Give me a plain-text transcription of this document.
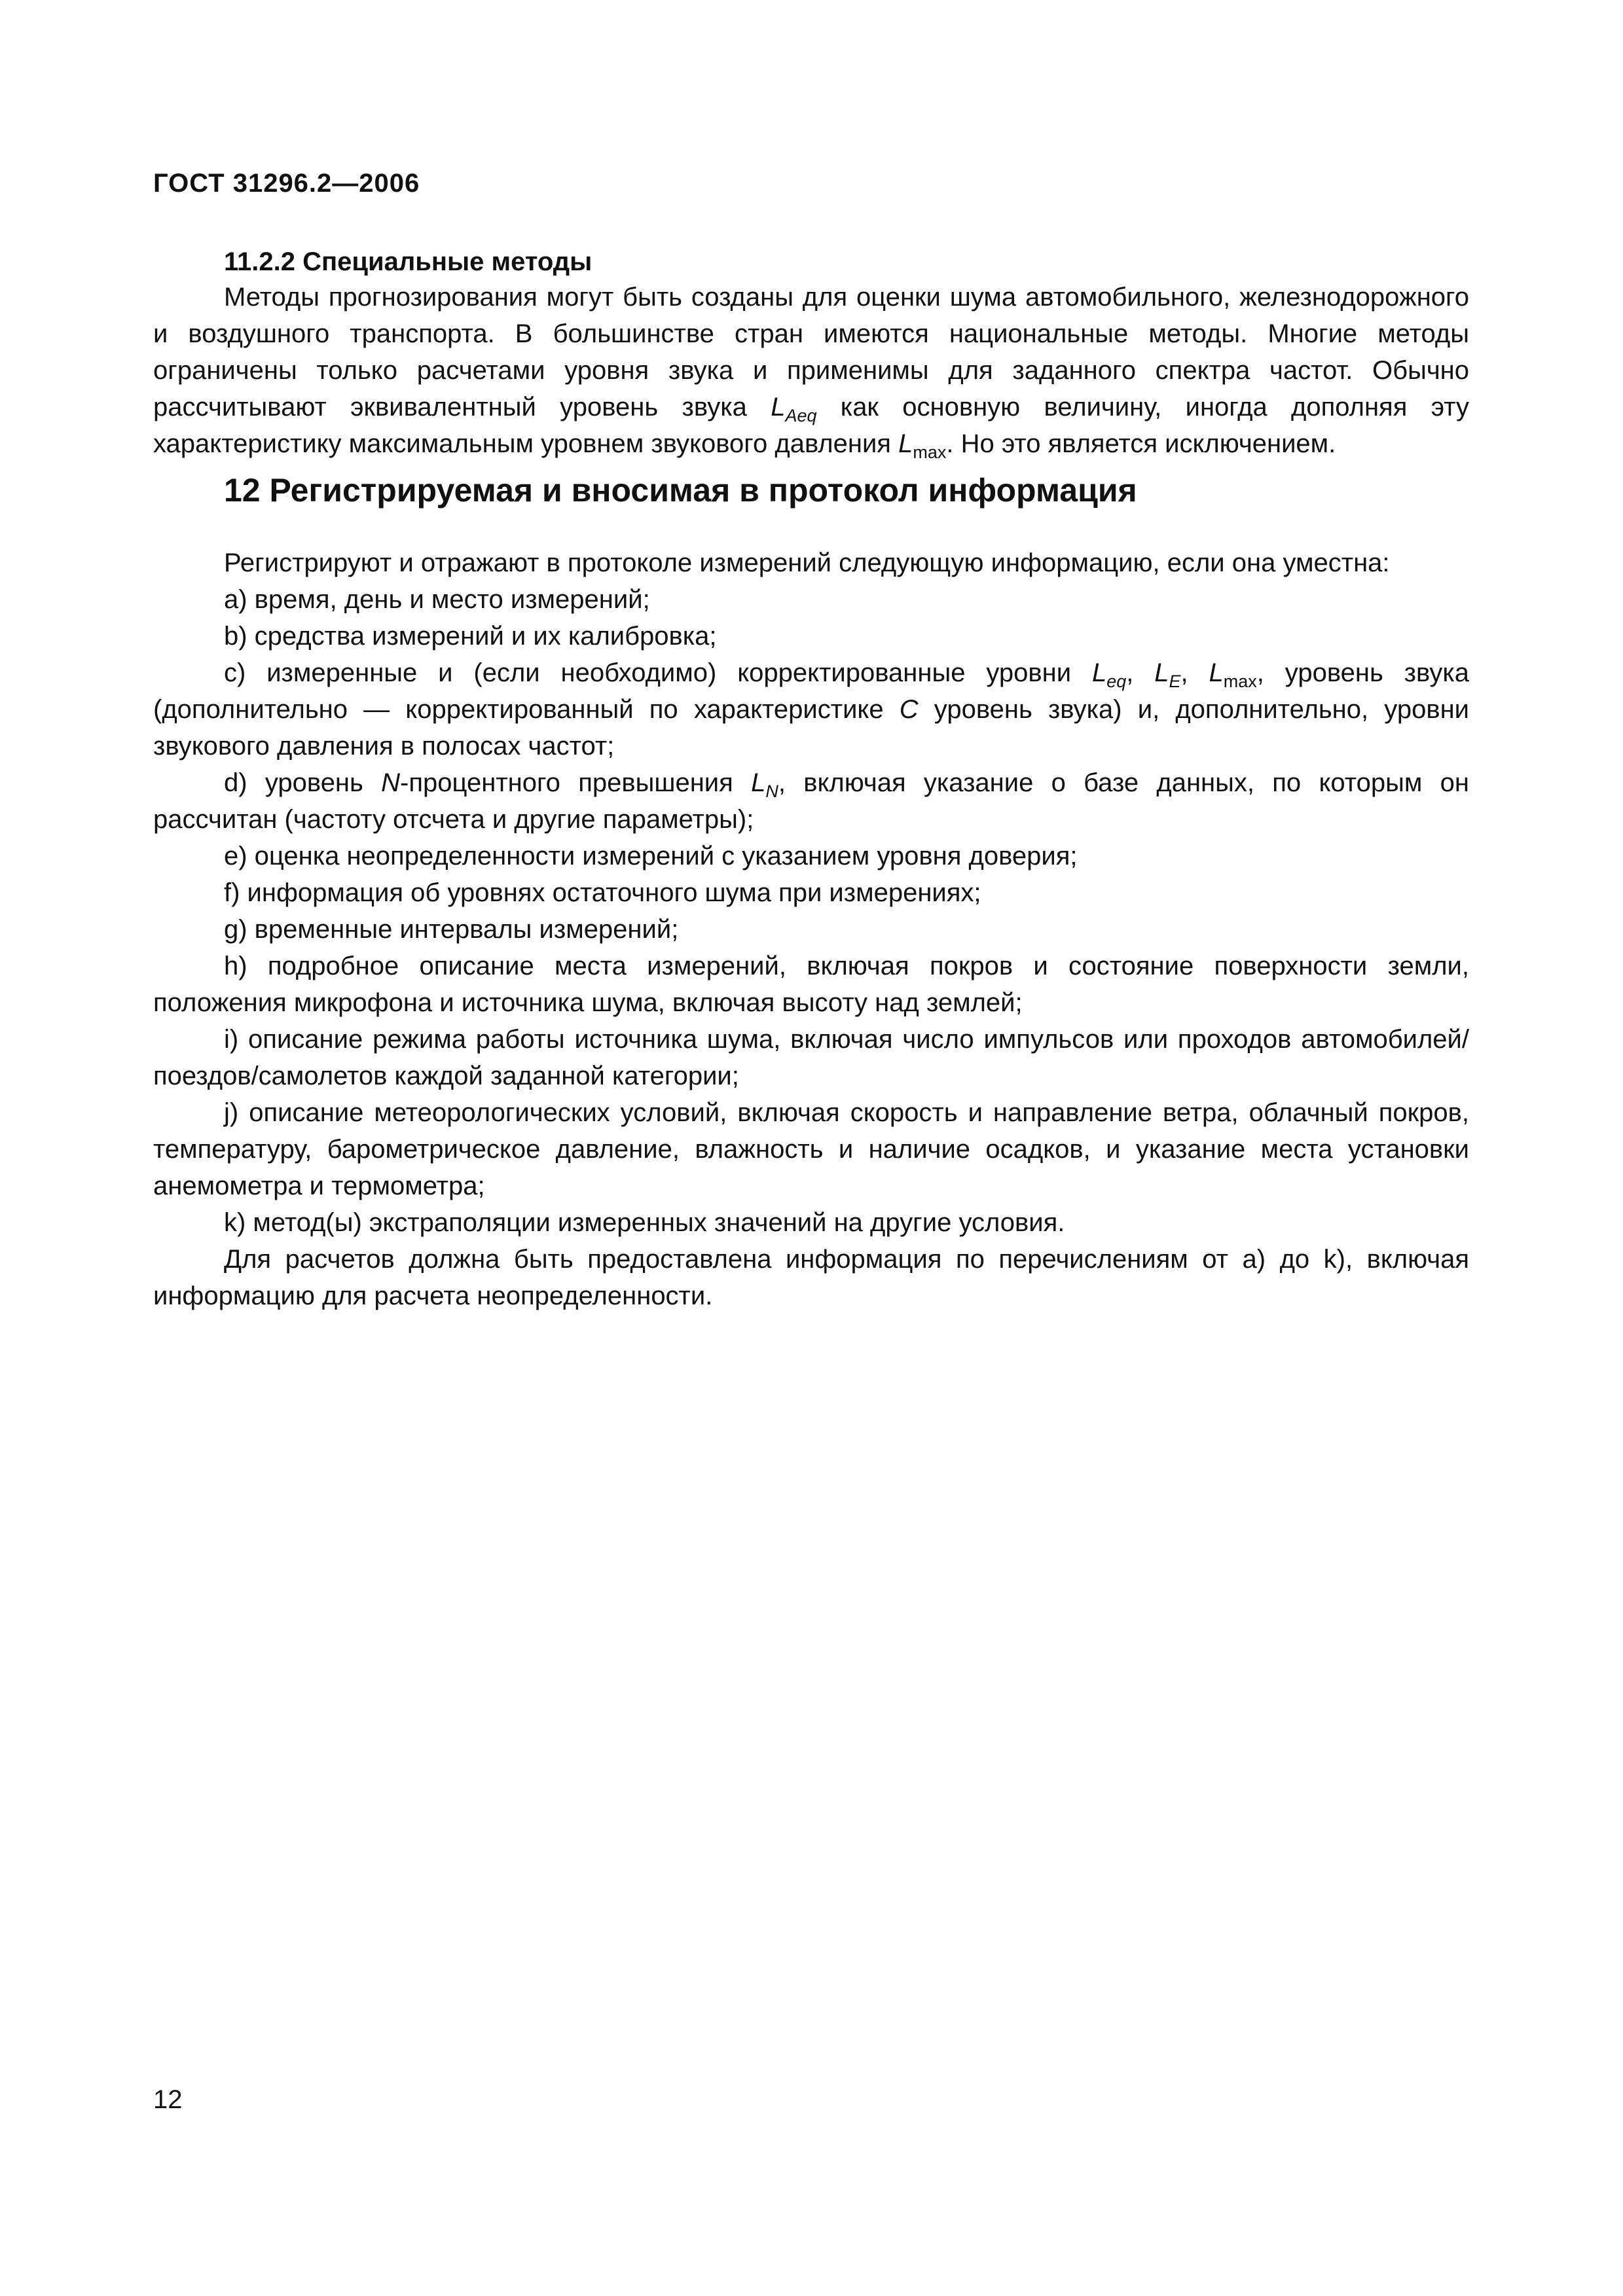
ГОСТ 31296.2—2006
11.2.2 Специальные методы

Методы прогнозирования могут быть созданы для оценки шума автомобильного, железнодорожного и воздушного транспорта. В большинстве стран имеются национальные методы. Многие методы ограничены только расчетами уровня звука и применимы для заданного спектра частот. Обычно рассчитывают эквивалентный уровень звука $L_{Aeq}$ как основную величину, иногда дополняя эту характеристику максимальным уровнем звукового давления $L_{max}$. Но это является исключением.

12 Регистрируемая и вносимая в протокол информация

Регистрируют и отражают в протоколе измерений следующую информацию, если она уместна:

а) время, день и место измерений;

b) средства измерений и их калибровка;

с) измеренные и (если необходимо) корректированные уровни $L_{eq}$, $L_E$, $L_{max}$, уровень звука (дополнительно — корректированный по характеристике C уровень звука) и, дополнительно, уровни звукового давления в полосах частот;

d) уровень N-процентного превышения $L_N$, включая указание о базе данных, по которым он рассчитан (частоту отсчета и другие параметры);

е) оценка неопределенности измерений с указанием уровня доверия;

f) информация об уровнях остаточного шума при измерениях;

g) временные интервалы измерений;

h) подробное описание места измерений, включая покров и состояние поверхности земли, положения микрофона и источника шума, включая высоту над землей;

i) описание режима работы источника шума, включая число импульсов или проходов автомобилей/поездов/самолетов каждой заданной категории;

j) описание метеорологических условий, включая скорость и направление ветра, облачный покров, температуру, барометрическое давление, влажность и наличие осадков, и указание места установки анемометра и термометра;

k) метод(ы) экстраполяции измеренных значений на другие условия.

Для расчетов должна быть предоставлена информация по перечислениям от а) до k), включая информацию для расчета неопределенности.

12
